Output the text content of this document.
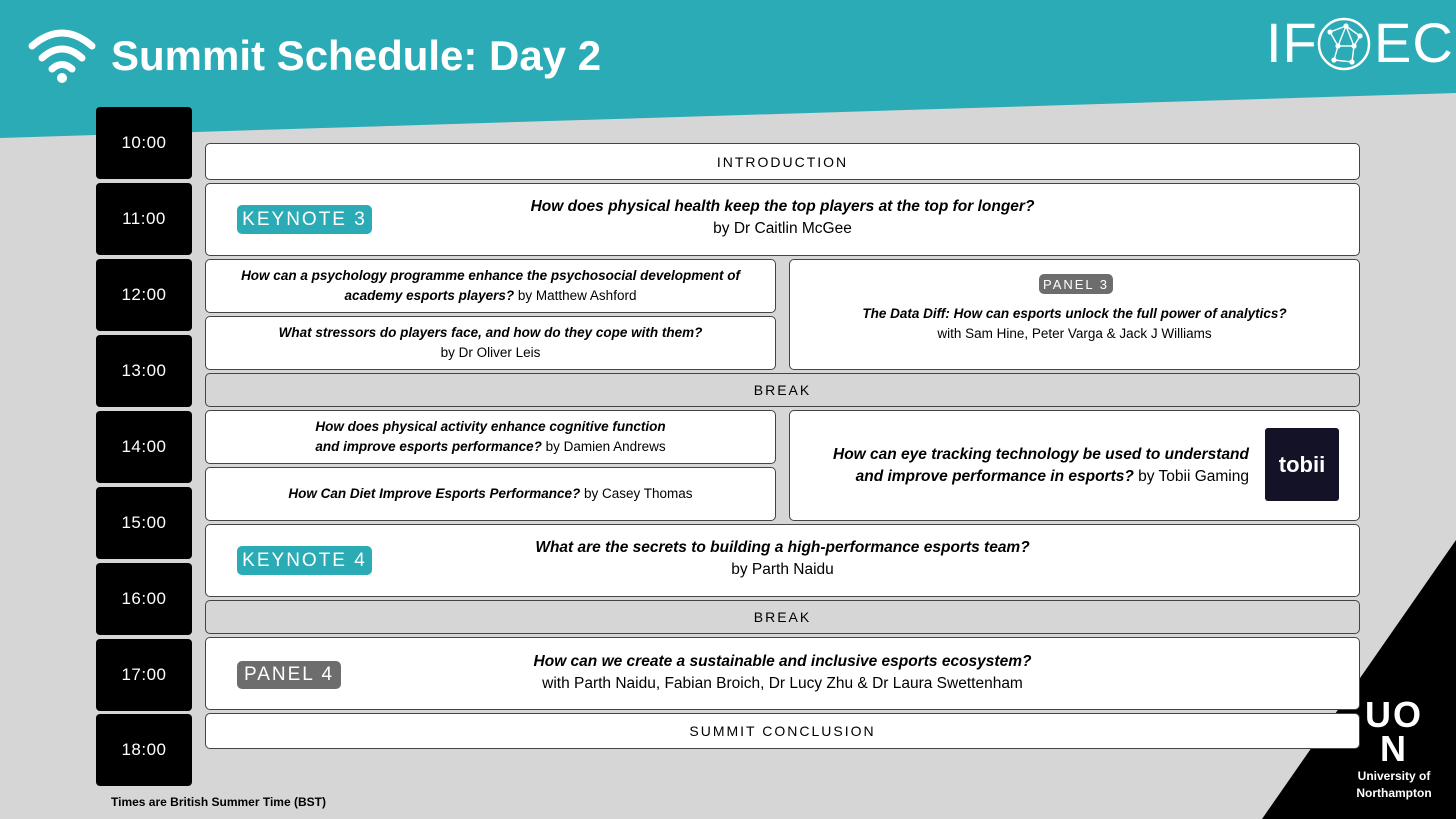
Summit Schedule: Day 2	IF EC
10:00
11:00
12:00
13:00
14:00
15:00
16:00
17:00
18:00
INTRODUCTION
KEYNOTE 3
How does physical health keep the top players at the top for longer?
by Dr Caitlin McGee
How can a psychology programme enhance the psychosocial development of
academy esports players? by Matthew Ashford
What stressors do players face, and how do they cope with them?
by Dr Oliver Leis
PANEL 3
The Data Diff: How can esports unlock the full power of analytics?
with Sam Hine, Peter Varga & Jack J Williams
BREAK
How does physical activity enhance cognitive function
and improve esports performance? by Damien Andrews
How Can Diet Improve Esports Performance? by Casey Thomas
How can eye tracking technology be used to understand
and improve performance in esports? by Tobii Gaming tobii
KEYNOTE 4
What are the secrets to building a high-performance esports team?
by Parth Naidu
BREAK
PANEL 4
How can we create a sustainable and inclusive esports ecosystem?
with Parth Naidu, Fabian Broich, Dr Lucy Zhu & Dr Laura Swettenham
SUMMIT CONCLUSION
Times are British Summer Time (BST)
UO
N
University of
Northampton
